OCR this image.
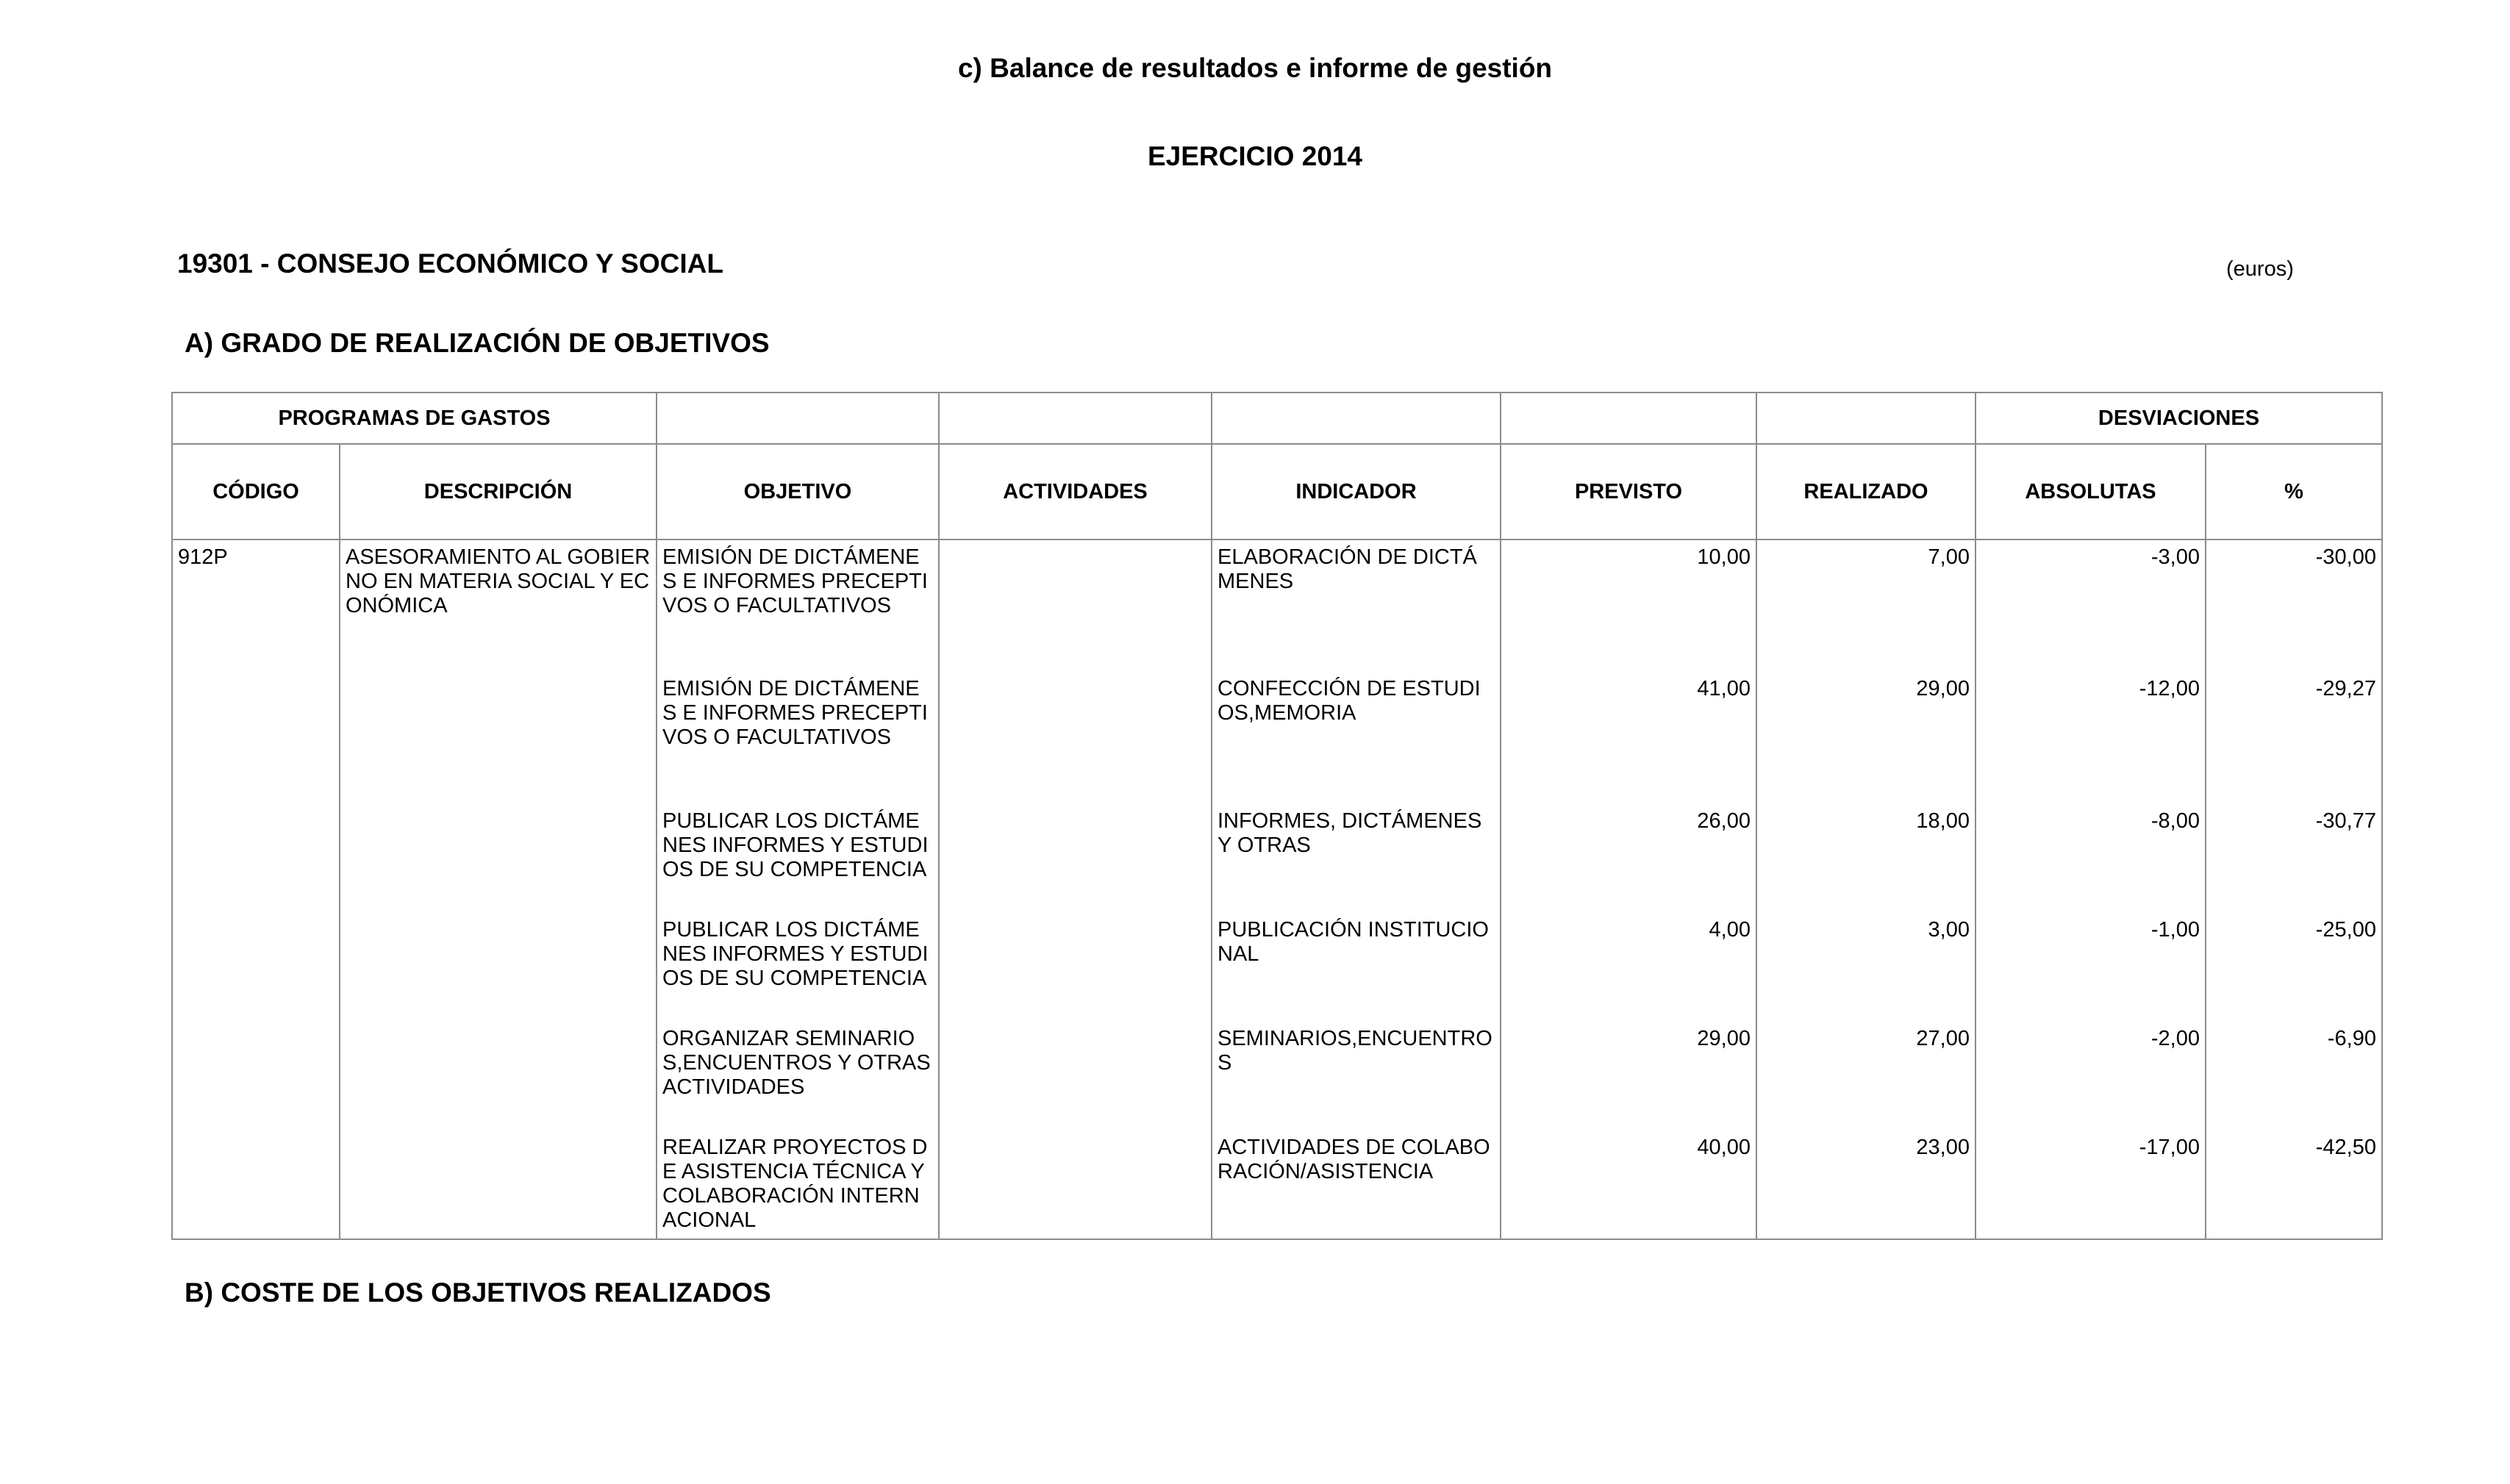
c) Balance de resultados e informe de gestión
EJERCICIO 2014
19301 - CONSEJO ECONÓMICO Y SOCIAL	(euros)
A) GRADO DE REALIZACIÓN DE OBJETIVOS
PROGRAMAS DE GASTOS							DESVIACIONES	
CÓDIGO	DESCRIPCIÓN	OBJETIVO	ACTIVIDADES	INDICADOR	PREVISTO	REALIZADO	ABSOLUTAS	%
912P	ASESORAMIENTO AL GOBIERNO EN MATERIA SOCIAL Y ECONÓMICA	EMISIÓN DE DICTÁMENES E INFORMES PRECEPTIVOS O FACULTATIVOS		ELABORACIÓN DE DICTÁMENES	10,00	7,00	-3,00	-30,00
		EMISIÓN DE DICTÁMENES E INFORMES PRECEPTIVOS O FACULTATIVOS		CONFECCIÓN DE ESTUDIOS,MEMORIA	41,00	29,00	-12,00	-29,27
		PUBLICAR LOS DICTÁMENES INFORMES Y ESTUDIOS DE SU COMPETENCIA		INFORMES, DICTÁMENES Y OTRAS	26,00	18,00	-8,00	-30,77
		PUBLICAR LOS DICTÁMENES INFORMES Y ESTUDIOS DE SU COMPETENCIA		PUBLICACIÓN INSTITUCIONAL	4,00	3,00	-1,00	-25,00
		ORGANIZAR SEMINARIOS,ENCUENTROS Y OTRAS ACTIVIDADES		SEMINARIOS,ENCUENTROS	29,00	27,00	-2,00	-6,90
		REALIZAR PROYECTOS DE ASISTENCIA TÉCNICA Y COLABORACIÓN INTERNACIONAL		ACTIVIDADES DE COLABORACIÓN/ASISTENCIA	40,00	23,00	-17,00	-42,50
B) COSTE DE LOS OBJETIVOS REALIZADOS
